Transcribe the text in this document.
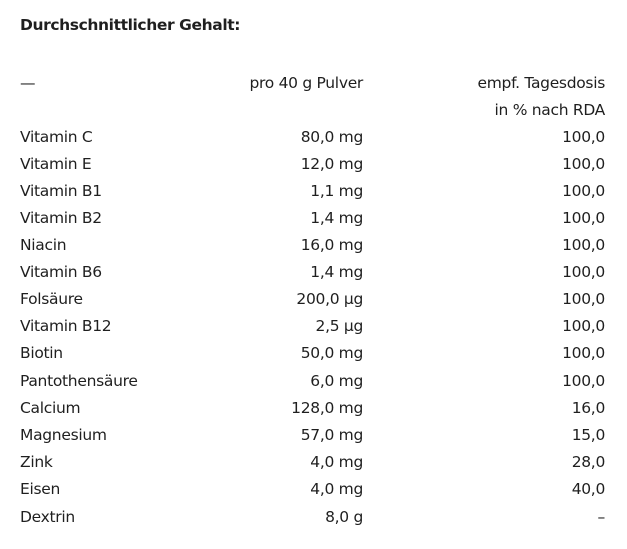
Durchschnittlicher Gehalt:
—	pro 40 g Pulver	empf. Tagesdosis
in % nach RDA
Vitamin C	80,0 mg	100,0
Vitamin E	12,0 mg	100,0
Vitamin B1	1,1 mg	100,0
Vitamin B2	1,4 mg	100,0
Niacin	16,0 mg	100,0
Vitamin B6	1,4 mg	100,0
Folsäure	200,0 µg	100,0
Vitamin B12	2,5 µg	100,0
Biotin	50,0 mg	100,0
Pantothensäure	6,0 mg	100,0
Calcium	128,0 mg	16,0
Magnesium	57,0 mg	15,0
Zink	4,0 mg	28,0
Eisen	4,0 mg	40,0
Dextrin	8,0 g	–
